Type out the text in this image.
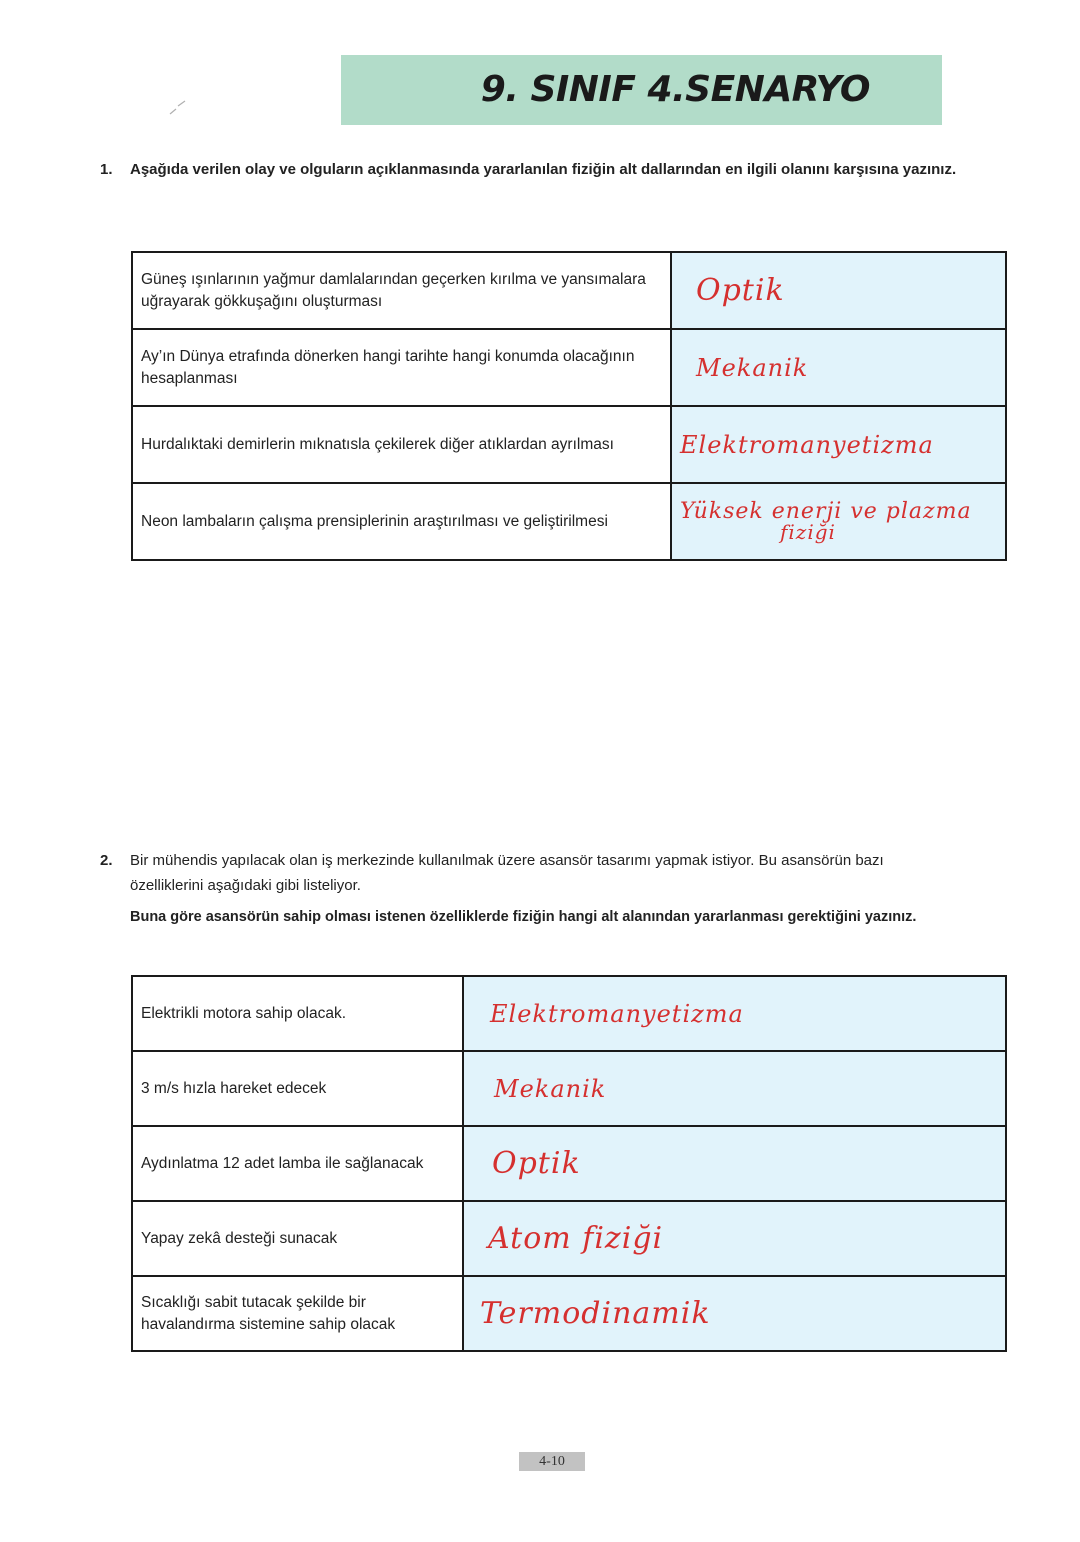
9. SINIF 4.SENARYO
1. Aşağıda verilen olay ve olguların açıklanmasında yararlanılan fiziğin alt dallarından en ilgili olanını karşısına yazınız.
Güneş ışınlarının yağmur damlalarından geçerken kırılma ve yansımalara uğrayarak gökkuşağını oluşturması	Optik
Ay’ın Dünya etrafında dönerken hangi tarihte hangi konumda olacağının hesaplanması	Mekanik
Hurdalıktaki demirlerin mıknatısla çekilerek diğer atıklardan ayrılması	Elektromanyetizma
Neon lambaların çalışma prensiplerinin araştırılması ve geliştirilmesi	Yüksek enerji ve plazma
fiziği
2. Bir mühendis yapılacak olan iş merkezinde kullanılmak üzere asansör tasarımı yapmak istiyor. Bu asansörün bazı özelliklerini aşağıdaki gibi listeliyor.
Buna göre asansörün sahip olması istenen özelliklerde fiziğin hangi alt alanından yararlanması gerektiğini yazınız.
Elektrikli motora sahip olacak.	Elektromanyetizma
3 m/s hızla hareket edecek	Mekanik
Aydınlatma 12 adet lamba ile sağlanacak	Optik
Yapay zekâ desteği sunacak	Atom fiziği
Sıcaklığı sabit tutacak şekilde bir havalandırma sistemine sahip olacak	Termodinamik
4-10
